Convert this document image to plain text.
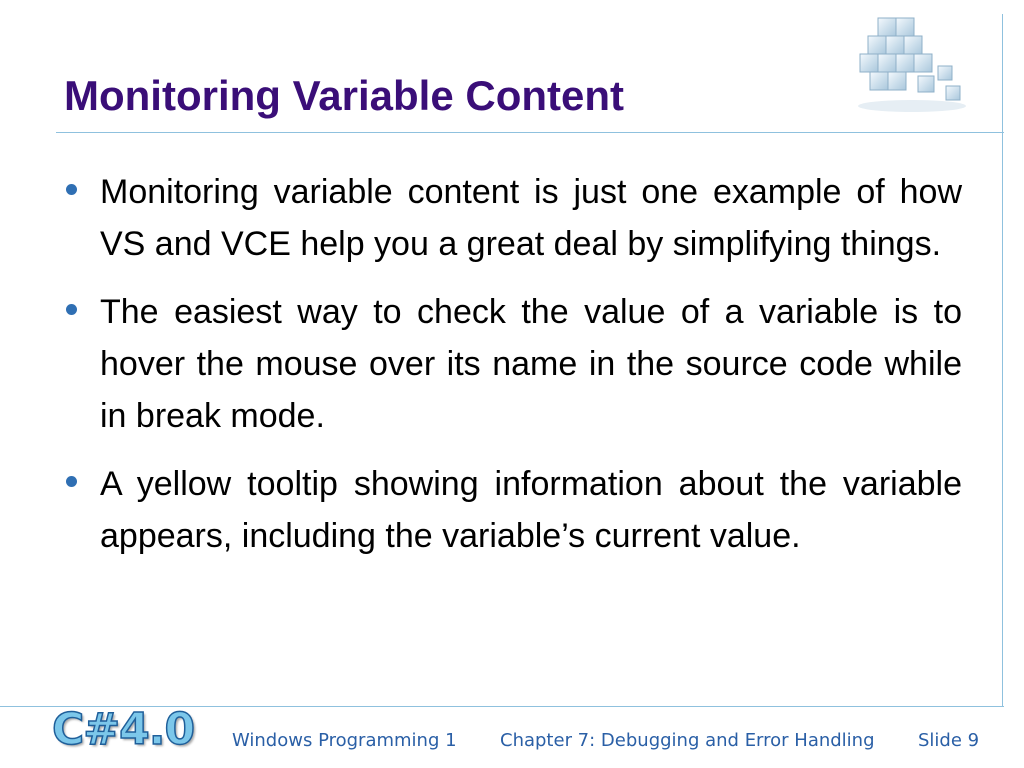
Monitoring Variable Content
Monitoring variable content is just one example of how VS and VCE help you a great deal by simplifying things.
The easiest way to check the value of a variable is to hover the mouse over its name in the source code while in break mode.
A yellow tooltip showing information about the variable appears, including the variable’s current value.
C#4.0 Windows Programming 1 Chapter 7: Debugging and Error Handling Slide 9
